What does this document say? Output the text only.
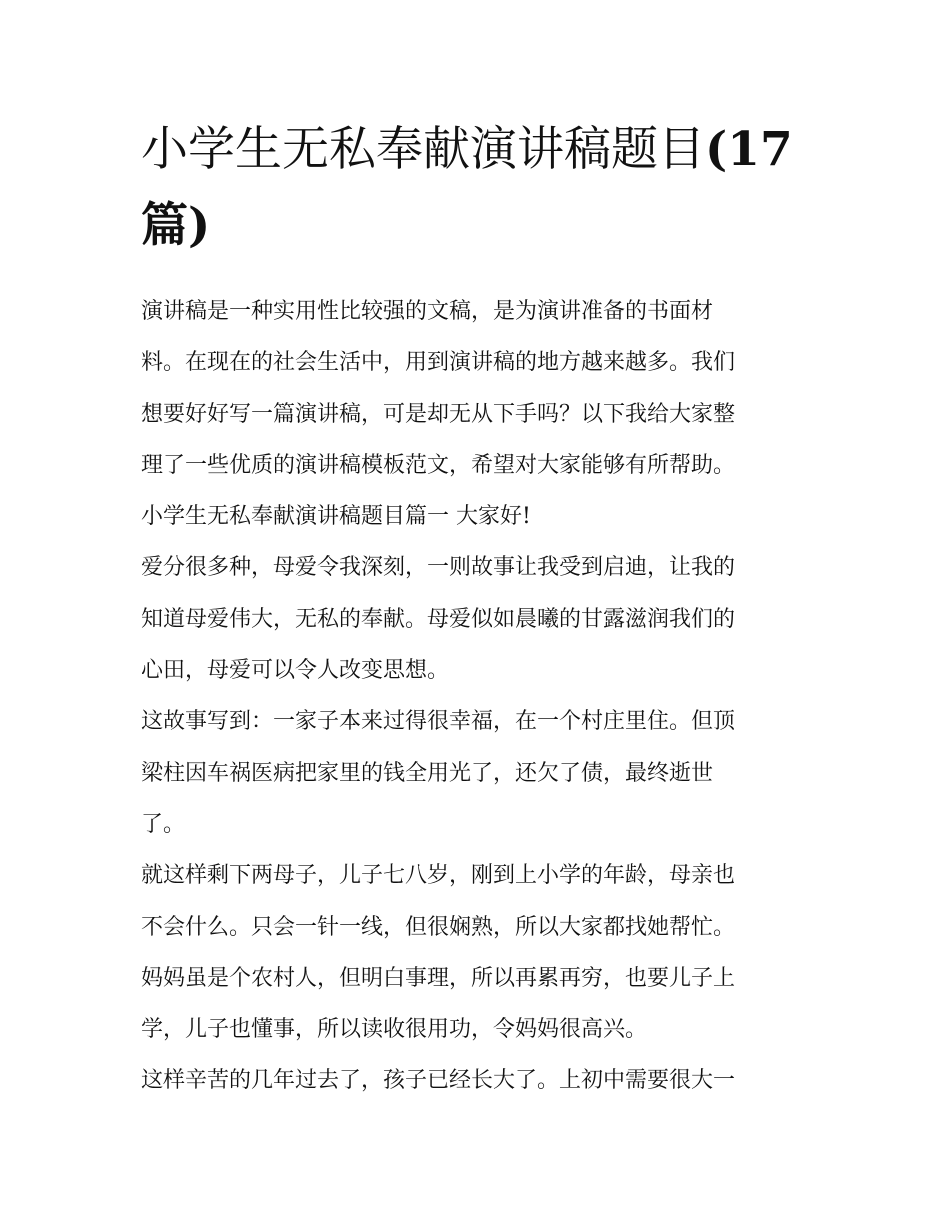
小学生无私奉献演讲稿题目(17
篇)

演讲稿是一种实用性比较强的文稿，是为演讲准备的书面材
料。在现在的社会生活中，用到演讲稿的地方越来越多。我们
想要好好写一篇演讲稿，可是却无从下手吗？以下我给大家整
理了一些优质的演讲稿模板范文，希望对大家能够有所帮助。

小学生无私奉献演讲稿题目篇一 大家好!

爱分很多种，母爱令我深刻，一则故事让我受到启迪，让我的
知道母爱伟大，无私的奉献。母爱似如晨曦的甘露滋润我们的
心田，母爱可以令人改变思想。

这故事写到：一家子本来过得很幸福，在一个村庄里住。但顶
梁柱因车祸医病把家里的钱全用光了，还欠了债，最终逝世
了。

就这样剩下两母子，儿子七八岁，刚到上小学的年龄，母亲也
不会什么。只会一针一线，但很娴熟，所以大家都找她帮忙。
妈妈虽是个农村人，但明白事理，所以再累再穷，也要儿子上
学，儿子也懂事，所以读收很用功，令妈妈很高兴。

这样辛苦的几年过去了，孩子已经长大了。上初中需要很大一
